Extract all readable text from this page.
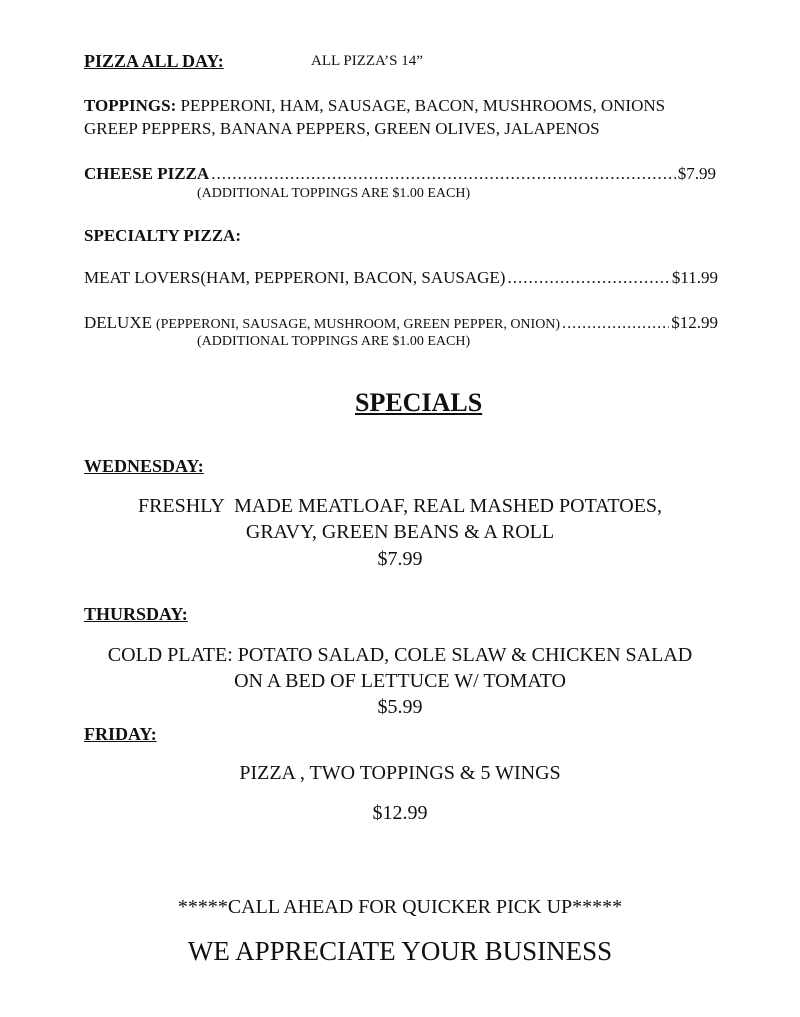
PIZZA ALL DAY:	ALL PIZZA’S 14”
TOPPINGS: PEPPERONI, HAM, SAUSAGE, BACON, MUSHROOMS, ONIONS
GREEP PEPPERS, BANANA PEPPERS, GREEN OLIVES, JALAPENOS
CHEESE PIZZA .....	$7.99
(ADDITIONAL TOPPINGS ARE $1.00 EACH)
SPECIALTY PIZZA:
MEAT LOVERS(HAM, PEPPERONI, BACON, SAUSAGE) .....	$11.99
DELUXE (PEPPERONI, SAUSAGE, MUSHROOM, GREEN PEPPER, ONION) .....	$12.99
(ADDITIONAL TOPPINGS ARE $1.00 EACH)
SPECIALS
WEDNESDAY:
FRESHLY  MADE MEATLOAF, REAL MASHED POTATOES,
GRAVY, GREEN BEANS & A ROLL
$7.99
THURSDAY:
COLD PLATE: POTATO SALAD, COLE SLAW & CHICKEN SALAD
ON A BED OF LETTUCE W/ TOMATO
$5.99
FRIDAY:
PIZZA , TWO TOPPINGS & 5 WINGS
$12.99
*****CALL AHEAD FOR QUICKER PICK UP*****
WE APPRECIATE YOUR BUSINESS
